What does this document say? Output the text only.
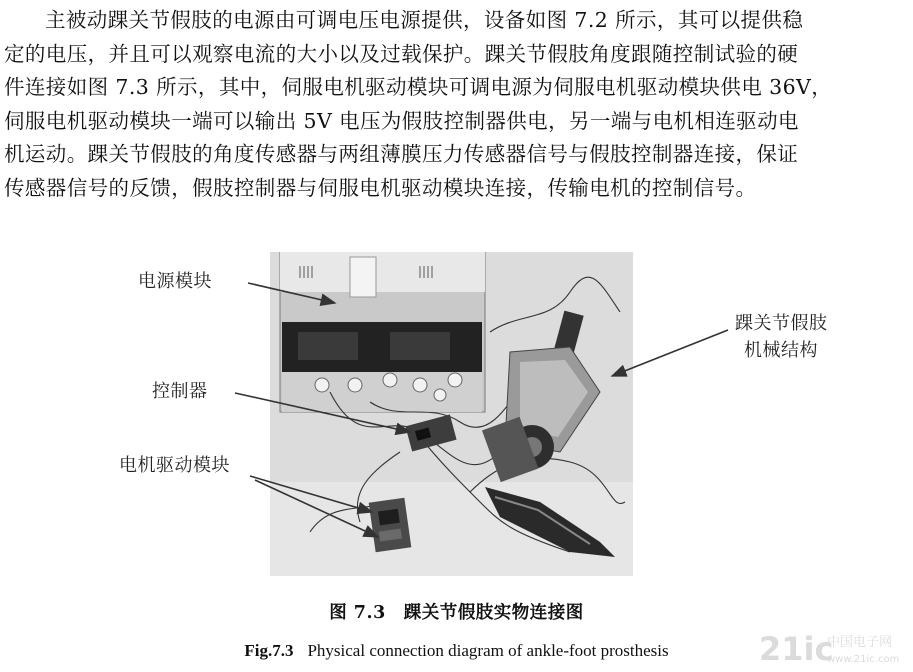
主被动踝关节假肢的电源由可调电压电源提供，设备如图 7.2 所示，其可以提供稳
定的电压，并且可以观察电流的大小以及过载保护。踝关节假肢角度跟随控制试验的硬
件连接如图 7.3 所示，其中，伺服电机驱动模块可调电源为伺服电机驱动模块供电 36V，
伺服电机驱动模块一端可以输出 5V 电压为假肢控制器供电，另一端与电机相连驱动电
机运动。踝关节假肢的角度传感器与两组薄膜压力传感器信号与假肢控制器连接，保证
传感器信号的反馈，假肢控制器与伺服电机驱动模块连接，传输电机的控制信号。
电源模块
控制器
电机驱动模块
踝关节假肢
机械结构
图 7.3　踝关节假肢实物连接图
Fig.7.3 Physical connection diagram of ankle-foot prosthesis	21ic
中国电子网
www.21ic.com
